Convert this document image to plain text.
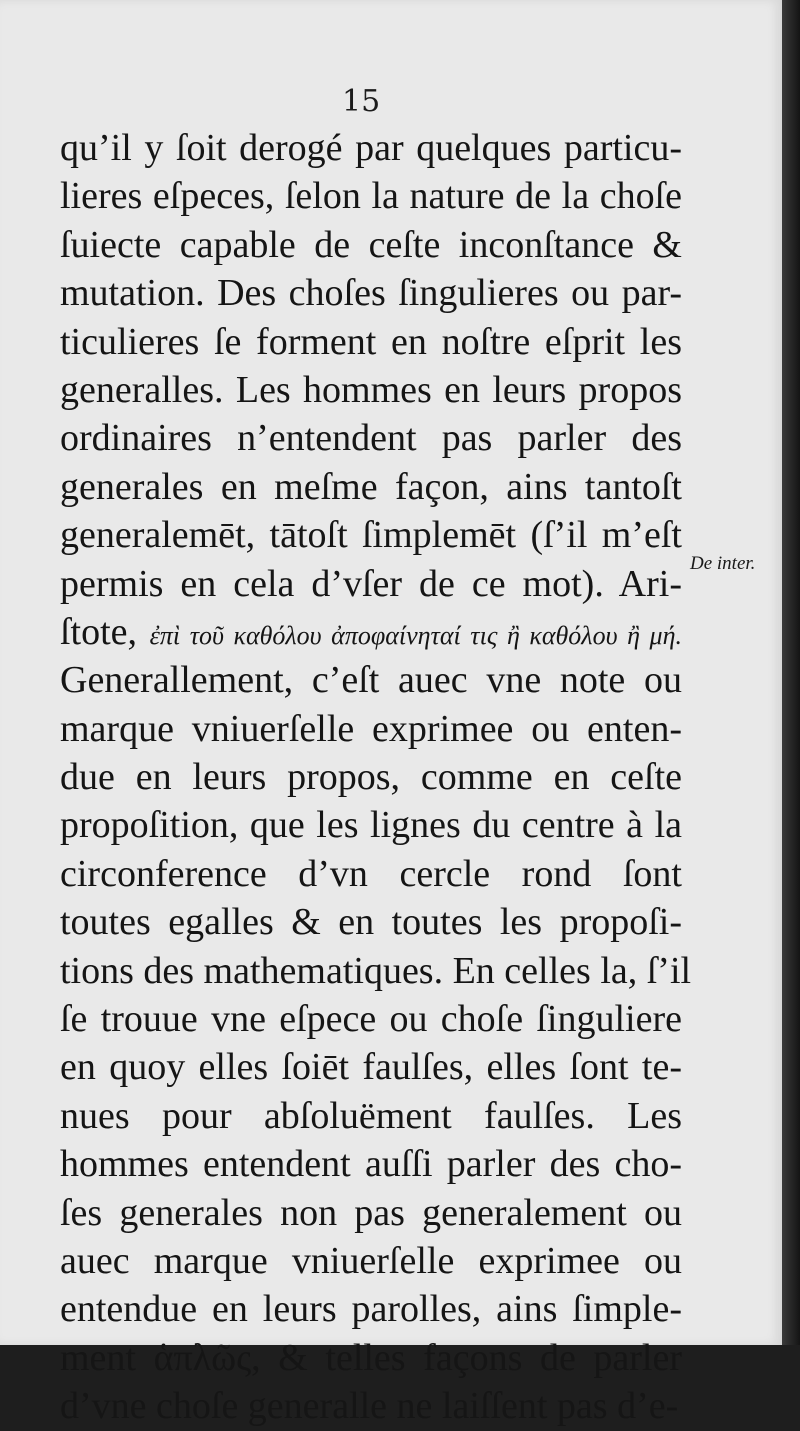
15
qu’il y ſoit derogé par quelques particu-
lieres eſpeces, ſelon la nature de la choſe
ſuiecte capable de ceſte inconſtance &
mutation. Des choſes ſingulieres ou par-
ticulieres ſe forment en noſtre eſprit les
generalles. Les hommes en leurs propos
ordinaires n’entendent pas parler des
generales en meſme façon, ains tantoſt
generalemēt, tātoſt ſimplemēt (ſ’il m’eſt
permis en cela d’vſer de ce mot). Ari-
ſtote, ἐπὶ τοῦ καθόλου ἀποφαίνηταί τις ἢ καθόλου ἢ μή.
Generallement, c’eſt auec vne note ou
marque vniuerſelle exprimee ou enten-
due en leurs propos, comme en ceſte
propoſition, que les lignes du centre à la
circonference d’vn cercle rond ſont
toutes egalles & en toutes les propoſi-
tions des mathematiques. En celles la, ſ’il
ſe trouue vne eſpece ou choſe ſinguliere
en quoy elles ſoiēt faulſes, elles ſont te-
nues pour abſoluëment faulſes. Les
hommes entendent auſſi parler des cho-
ſes generales non pas generalement ou
auec marque vniuerſelle exprimee ou
entendue en leurs parolles, ains ſimple-
ment ἁπλῶς, & telles façons de parler
d’vne choſe generalle ne laiſſent pas d’e-
De inter.
